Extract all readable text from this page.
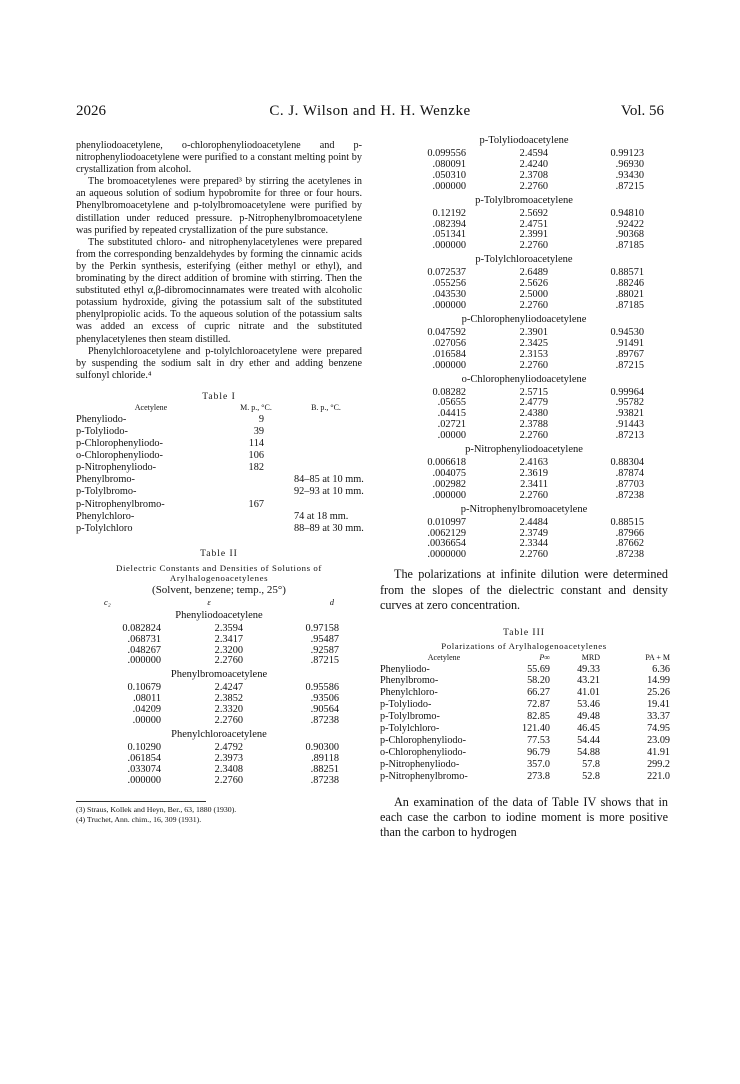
2026	C. J. Wilson and H. H. Wenzke	Vol. 56

phenyliodoacetylene, o-chlorophenyliodoacetylene and p-nitrophenyliodoacetylene were purified to a constant melting point by crystallization from alcohol.

The bromoacetylenes were prepared³ by stirring the acetylenes in an aqueous solution of sodium hypobromite for three or four hours. Phenylbromoacetylene and p-tolylbromoacetylene were purified by distillation under reduced pressure. p-Nitrophenylbromoacetylene was purified by repeated crystallization of the pure substance.

The substituted chloro- and nitrophenylacetylenes were prepared from the corresponding benzaldehydes by forming the cinnamic acids by the Perkin synthesis, esterifying (either methyl or ethyl), and brominating by the direct addition of bromine with stirring. Then the substituted ethyl α,β-dibromocinnamates were treated with alcoholic potassium hydroxide, giving the potassium salt of the substituted phenylpropiolic acids. To the aqueous solution of the potassium salts was added an excess of cupric nitrate and the substituted phenylacetylenes then steam distilled.

Phenylchloroacetylene and p-tolylchloroacetylene were prepared by suspending the sodium salt in dry ether and adding benzene sulfonyl chloride.⁴

Table I
Acetylene	M. p., °C.	B. p., °C.
Phenyliodo-	9	
p-Tolyliodo-	39	
p-Chlorophenyliodo-	114	
o-Chlorophenyliodo-	106	
p-Nitrophenyliodo-	182	
Phenylbromo-		84–85 at 10 mm.
p-Tolylbromo-		92–93 at 10 mm.
p-Nitrophenylbromo-	167	
Phenylchloro-		74 at 18 mm.
p-Tolylchloro		88–89 at 30 mm.
Table II
Dielectric Constants and Densities of Solutions of
Arylhalogenoacetylenes
(Solvent, benzene; temp., 25°)
c₂	ε	d
Phenyliodoacetylene
0.082824	2.3594	0.97158
.068731	2.3417	.95487
.048267	2.3200	.92587
.000000	2.2760	.87215
Phenylbromoacetylene
0.10679	2.4247	0.95586
.08011	2.3852	.93506
.04209	2.3320	.90564
.00000	2.2760	.87238
Phenylchloroacetylene
0.10290	2.4792	0.90300
.061854	2.3973	.89118
.033074	2.3408	.88251
.000000	2.2760	.87238
(3) Straus, Kollek and Heyn, Ber., 63, 1880 (1930).
(4) Truchet, Ann. chim., 16, 309 (1931).
p-Tolyliodoacetylene
0.099556	2.4594	0.99123
.080091	2.4240	.96930
.050310	2.3708	.93430
.000000	2.2760	.87215
p-Tolylbromoacetylene
0.12192	2.5692	0.94810
.082394	2.4751	.92422
.051341	2.3991	.90368
.000000	2.2760	.87185
p-Tolylchloroacetylene
0.072537	2.6489	0.88571
.055256	2.5626	.88246
.043530	2.5000	.88021
.000000	2.2760	.87185
p-Chlorophenyliodoacetylene
0.047592	2.3901	0.94530
.027056	2.3425	.91491
.016584	2.3153	.89767
.000000	2.2760	.87215
o-Chlorophenyliodoacetylene
0.08282	2.5715	0.99964
.05655	2.4779	.95782
.04415	2.4380	.93821
.02721	2.3788	.91443
.00000	2.2760	.87213
p-Nitrophenyliodoacetylene
0.006618	2.4163	0.88304
.004075	2.3619	.87874
.002982	2.3411	.87703
.000000	2.2760	.87238
p-Nitrophenylbromoacetylene
0.010997	2.4484	0.88515
.0062129	2.3749	.87966
.0036654	2.3344	.87662
.0000000	2.2760	.87238

The polarizations at infinite dilution were determined from the slopes of the dielectric constant and density curves at zero concentration.

Table III
Polarizations of Arylhalogenoacetylenes
Acetylene	P∞	MRD	PA + M
Phenyliodo-	55.69	49.33	6.36
Phenylbromo-	58.20	43.21	14.99
Phenylchloro-	66.27	41.01	25.26
p-Tolyliodo-	72.87	53.46	19.41
p-Tolylbromo-	82.85	49.48	33.37
p-Tolylchloro-	121.40	46.45	74.95
p-Chlorophenyliodo-	77.53	54.44	23.09
o-Chlorophenyliodo-	96.79	54.88	41.91
p-Nitrophenyliodo-	357.0	57.8	299.2
p-Nitrophenylbromo-	273.8	52.8	221.0

An examination of the data of Table IV shows that in each case the carbon to iodine moment is more positive than the carbon to hydrogen
